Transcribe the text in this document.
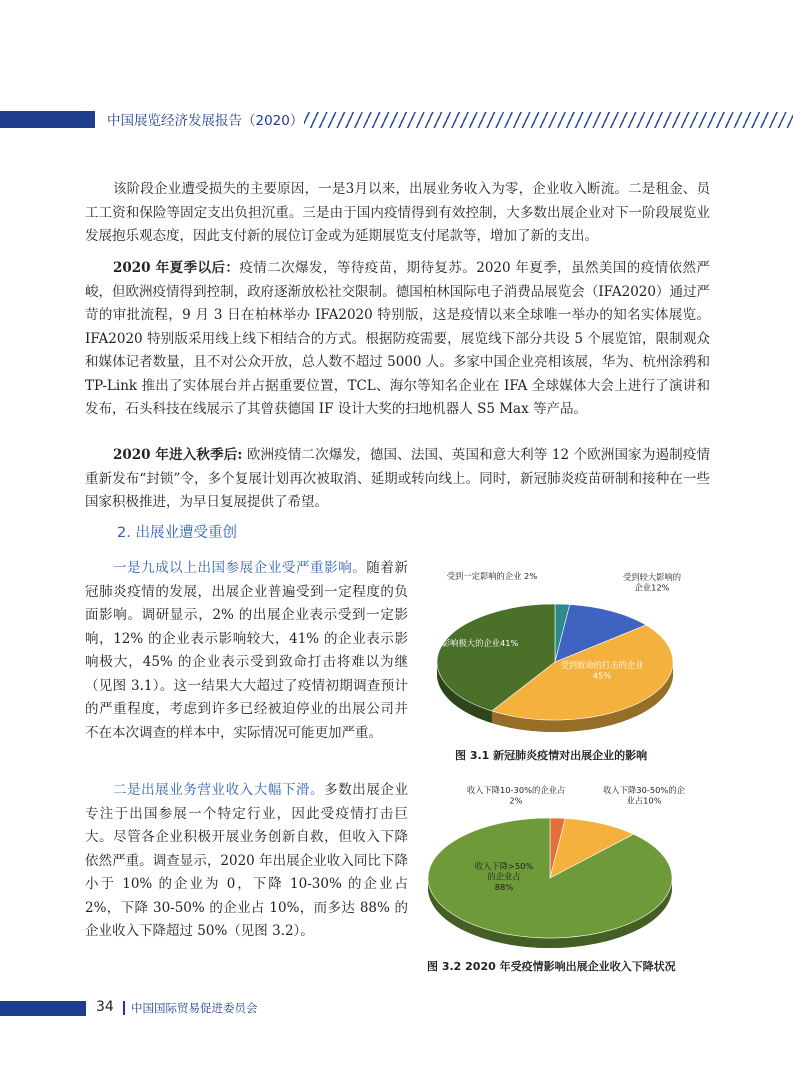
中国展览经济发展报告（2020）

该阶段企业遭受损失的主要原因，一是3月以来，出展业务收入为零，企业收入断流。二是租金、员工工资和保险等固定支出负担沉重。三是由于国内疫情得到有效控制，大多数出展企业对下一阶段展览业发展抱乐观态度，因此支付新的展位订金或为延期展览支付尾款等，增加了新的支出。

2020 年夏季以后：疫情二次爆发，等待疫苗，期待复苏。2020 年夏季，虽然美国的疫情依然严峻，但欧洲疫情得到控制，政府逐渐放松社交限制。德国柏林国际电子消费品展览会（IFA2020）通过严苛的审批流程，9 月 3 日在柏林举办 IFA2020 特别版，这是疫情以来全球唯一举办的知名实体展览。IFA2020 特别版采用线上线下相结合的方式。根据防疫需要，展览线下部分共设 5 个展览馆，限制观众和媒体记者数量，且不对公众开放，总人数不超过 5000 人。多家中国企业亮相该展，华为、杭州涂鸦和 TP-Link 推出了实体展台并占据重要位置，TCL、海尔等知名企业在 IFA 全球媒体大会上进行了演讲和发布，石头科技在线展示了其曾获德国 IF 设计大奖的扫地机器人 S5 Max 等产品。

2020 年进入秋季后: 欧洲疫情二次爆发，德国、法国、英国和意大利等 12 个欧洲国家为遏制疫情重新发布“封锁”令，多个复展计划再次被取消、延期或转向线上。同时，新冠肺炎疫苗研制和接种在一些国家积极推进，为早日复展提供了希望。

2. 出展业遭受重创

一是九成以上出国参展企业受严重影响。随着新冠肺炎疫情的发展，出展企业普遍受到一定程度的负面影响。调研显示，2% 的出展企业表示受到一定影响，12% 的企业表示影响较大，41% 的企业表示影响极大，45% 的企业表示受到致命打击将难以为继（见图 3.1）。这一结果大大超过了疫情初期调查预计的严重程度，考虑到许多已经被迫停业的出展公司并不在本次调查的样本中，实际情况可能更加严重。

二是出展业务营业收入大幅下滑。多数出展企业专注于出国参展一个特定行业，因此受疫情打击巨大。尽管各企业积极开展业务创新自救，但收入下降依然严重。调查显示，2020 年出展企业收入同比下降小于 10% 的企业为 0，下降 10-30% 的企业占 2%，下降 30-50% 的企业占 10%，而多达 88% 的企业收入下降超过 50%（见图 3.2）。

受到一定影响的企业 2%	受到较大影响的企业12%
受到致命的打击的企业 45%
受影响极大的企业41%
收入下降10-30%的企业占 2%
收入下降30-50%的企业占10%
收入下降>50%的企业占 88%
图 3.1 新冠肺炎疫情对出展企业的影响
图 3.2 2020 年受疫情影响出展企业收入下降状况
34 中国国际贸易促进委员会
